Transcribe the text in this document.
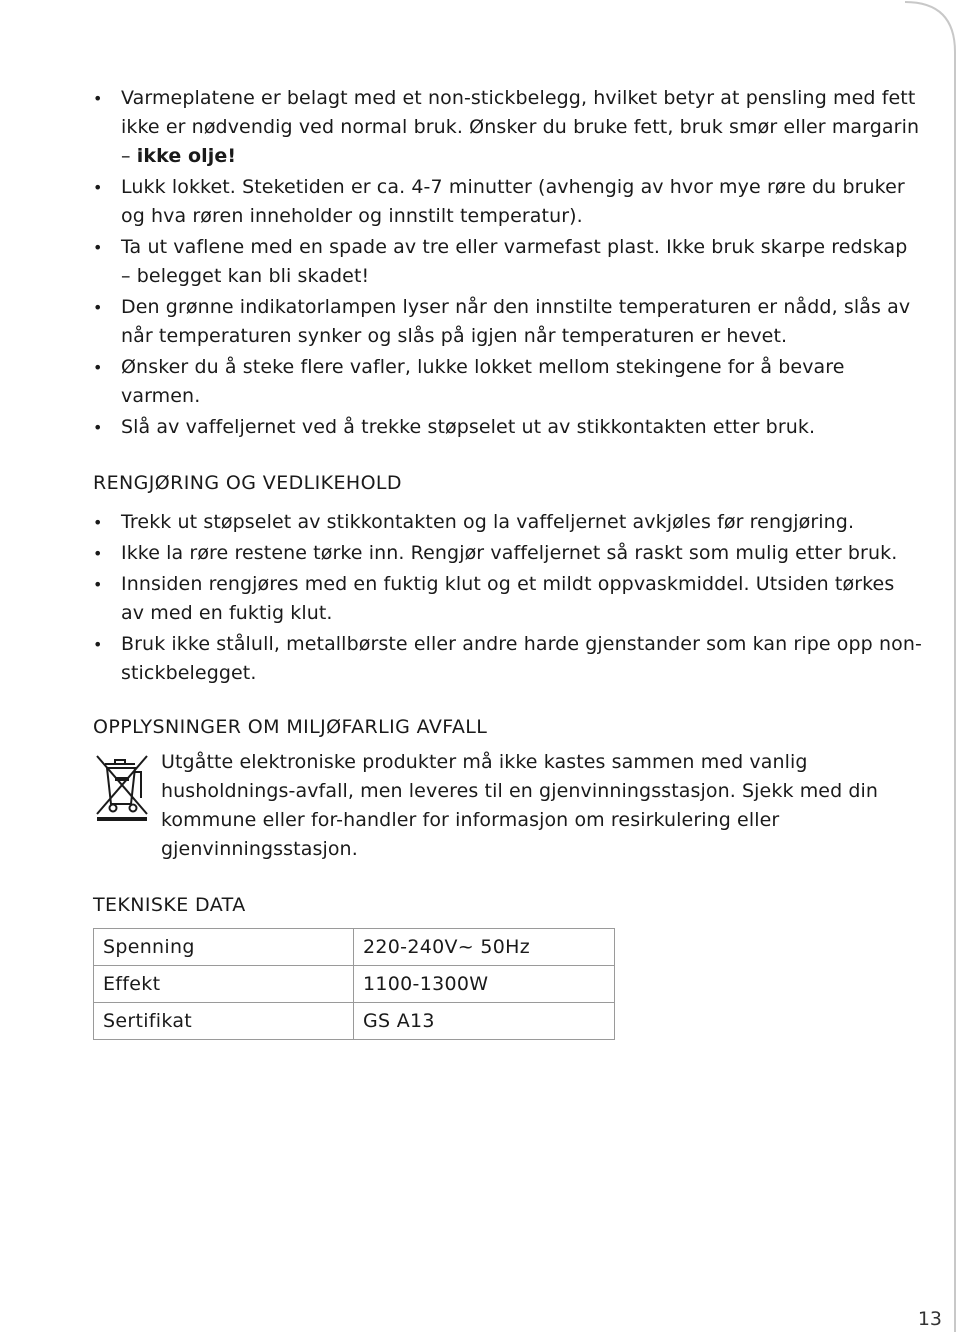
• Varmeplatene er belagt med et non-stickbelegg, hvilket betyr at pensling med fett ikke er nødvendig ved normal bruk. Ønsker du bruke fett, bruk smør eller margarin – ikke olje!
• Lukk lokket. Steketiden er ca. 4-7 minutter (avhengig av hvor mye røre du bruker og hva røren inneholder og innstilt temperatur).
• Ta ut vaflene med en spade av tre eller varmefast plast. Ikke bruk skarpe redskap – belegget kan bli skadet!
• Den grønne indikatorlampen lyser når den innstilte temperaturen er nådd, slås av når temperaturen synker og slås på igjen når temperaturen er hevet.
• Ønsker du å steke flere vafler, lukke lokket mellom stekingene for å bevare varmen.
• Slå av vaffeljernet ved å trekke støpselet ut av stikkontakten etter bruk.
RENGJØRING OG VEDLIKEHOLD
• Trekk ut støpselet av stikkontakten og la vaffeljernet avkjøles før rengjøring.
• Ikke la røre restene tørke inn. Rengjør vaffeljernet så raskt som mulig etter bruk.
• Innsiden rengjøres med en fuktig klut og et mildt oppvaskmiddel. Utsiden tørkes av med en fuktig klut.
• Bruk ikke stålull, metallbørste eller andre harde gjenstander som kan ripe opp non-stickbelegget.
OPPLYSNINGER OM MILJØFARLIG AVFALL
Utgåtte elektroniske produkter må ikke kastes sammen med vanlig husholdnings-avfall, men leveres til en gjenvinningsstasjon. Sjekk med din kommune eller for-handler for informasjon om resirkulering eller gjenvinningsstasjon.
TEKNISKE DATA
Spenning	220-240V~ 50Hz
Effekt	1100-1300W
Sertifikat	GS A13
13
